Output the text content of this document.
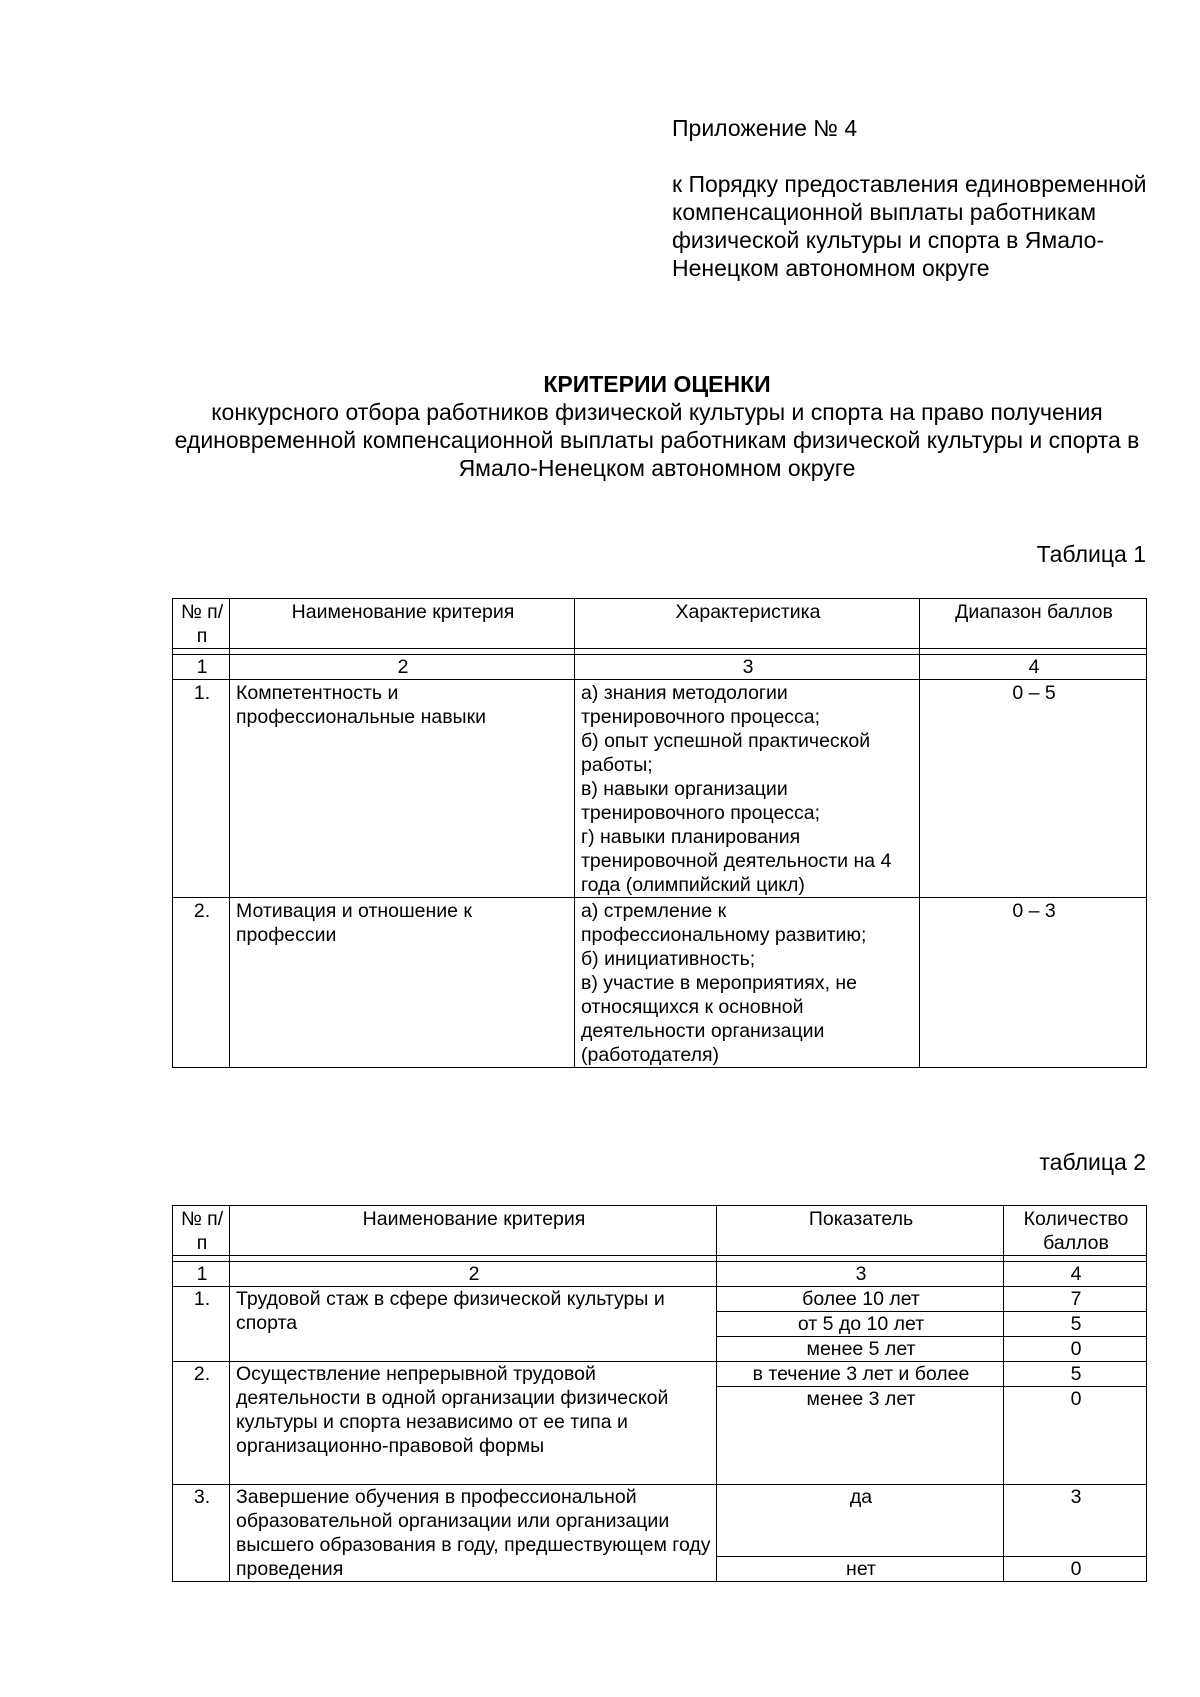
Приложение № 4
к Порядку предоставления единовременной компенсационной выплаты работникам физической культуры и спорта в Ямало-Ненецком автономном округе
КРИТЕРИИ ОЦЕНКИ
конкурсного отбора работников физической культуры и спорта на право получения единовременной компенсационной выплаты работникам физической культуры и спорта в Ямало-Ненецком автономном округе
Таблица 1
№ п/п	Наименование критерия	Характеристика	Диапазон баллов

1	2	3	4
1.	Компетентность и профессиональные навыки	а) знания методологии тренировочного процесса;
б) опыт успешной практической работы;
в) навыки организации тренировочного процесса;
г) навыки планирования тренировочной деятельности на 4 года (олимпийский цикл)	0 – 5
2.	Мотивация и отношение к профессии	а) стремление к профессиональному развитию;
б) инициативность;
в) участие в мероприятиях, не относящихся к основной деятельности организации (работодателя)	0 – 3
таблица 2
№ п/п	Наименование критерия	Показатель	Количество баллов

1	2	3	4
1.	Трудовой стаж в сфере физической культуры и спорта	более 10 лет	7
		от 5 до 10 лет	5
		менее 5 лет	0
2.	Осуществление непрерывной трудовой деятельности в одной организации физической культуры и спорта независимо от ее типа и организационно-правовой формы	в течение 3 лет и более	5
		менее 3 лет	0
3.	Завершение обучения в профессиональной образовательной организации или организации высшего образования в году, предшествующем году проведения	да	3
		нет	0
